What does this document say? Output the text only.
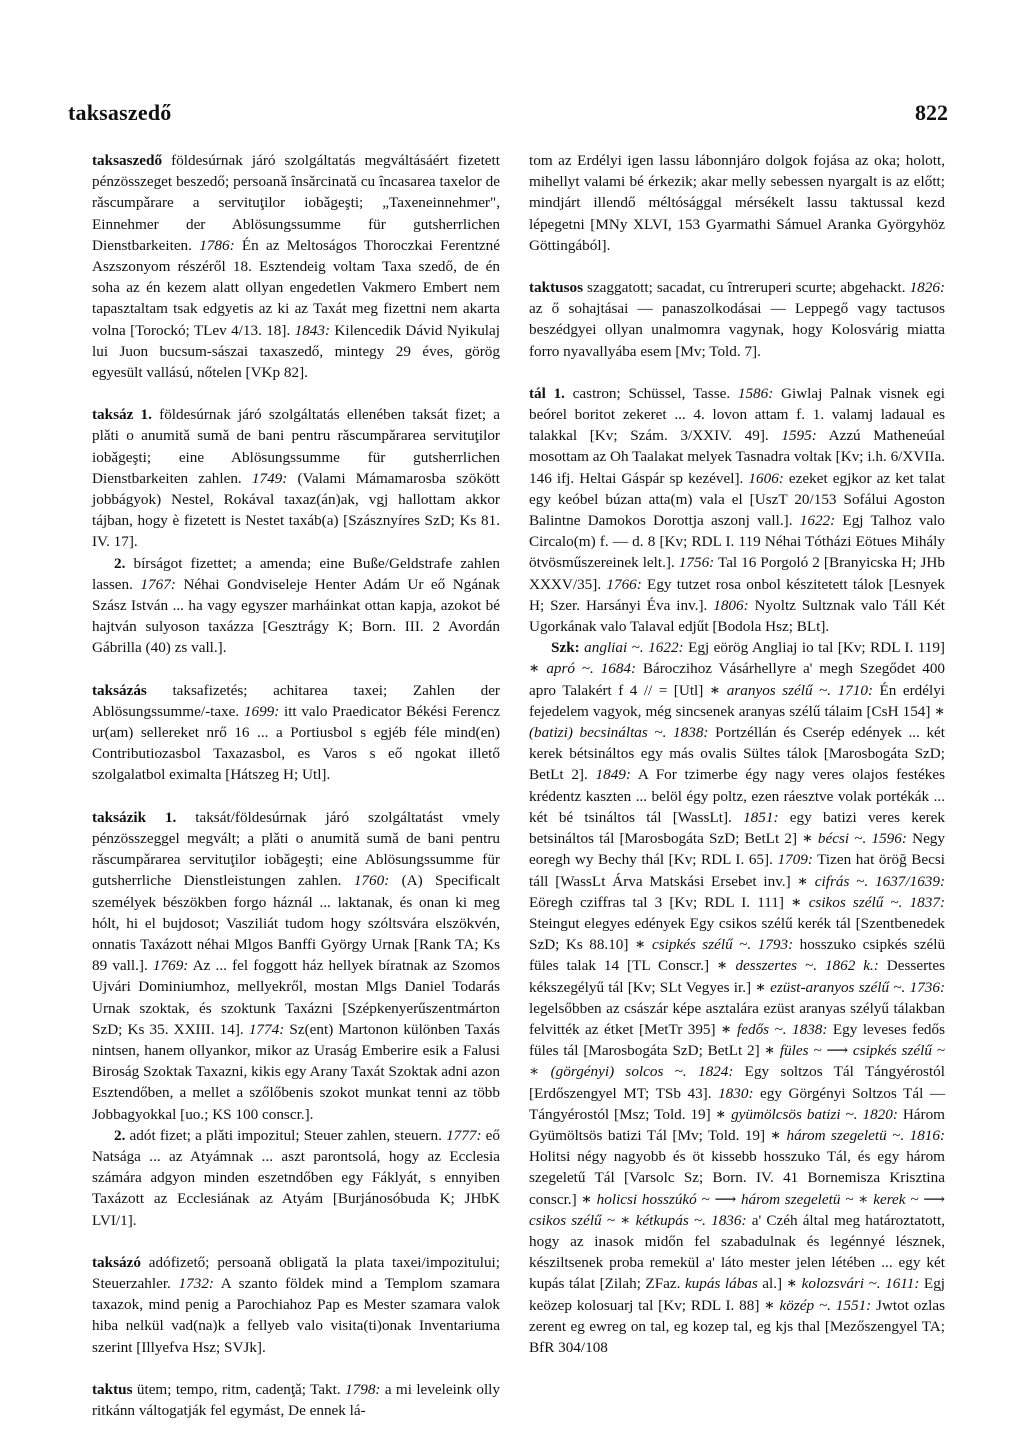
taksaszedő	822

taksaszedő földesúrnak járó szolgáltatás megváltásáért fizetett pénzösszeget beszedő; persoanǎ însǎrcinatǎ cu încasarea taxelor de rǎscumpǎrare a servituţilor iobǎgeşti; „Taxeneinnehmer", Einnehmer der Ablösungssumme für gutsherrlichen Dienstbarkeiten. 1786: Én az Meltoságos Thoroczkai Ferentzné Aszszonyom részéről 18. Esztendeig voltam Taxa szedő, de én soha az én kezem alatt ollyan engedetlen Vakmero Embert nem tapasztaltam tsak edgyetis az ki az Taxát meg fizettni nem akarta volna [Torockó; TLev 4/13. 18]. 1843: Kilencedik Dávid Nyikulaj lui Juon bucsum-sászai taxaszedő, mintegy 29 éves, görög egyesült vallású, nőtelen [VKp 82].

taksáz 1. földesúrnak járó szolgáltatás ellenében taksát fizet; a plǎti o anumitǎ sumǎ de bani pentru rǎscumpǎrarea servituţilor iobǎgeşti; eine Ablösungssumme für gutsherrlichen Dienstbarkeiten zahlen. 1749: (Valami Mámamarosba szökött jobbágyok) Nestel, Rokával taxaz(án)ak, vgj hallottam akkor tájban, hogy è fizetett is Nestet taxáb(a) [Szásznyíres SzD; Ks 81. IV. 17].
2. bírságot fizettet; a amenda; eine Buße/Geldstrafe zahlen lassen. 1767: Néhai Gondviseleje Henter Adám Ur eő Ngának Szász István ... ha vagy egyszer marháinkat ottan kapja, azokot bé hajtván sulyoson taxázza [Gesztrágy K; Born. III. 2 Avordán Gábrilla (40) zs vall.].

taksázás taksafizetés; achitarea taxei; Zahlen der Ablösungssumme/-taxe. 1699: itt valo Praedicator Békési Ferencz ur(am) sellereket nrő 16 ... a Portiusbol s egjéb féle mind(en) Contributiozasbol Taxazasbol, es Varos s eő ngokat illető szolgalatbol eximalta [Hátszeg H; Utl].

taksázik 1. taksát/földesúrnak járó szolgáltatást vmely pénzösszeggel megvált; a plǎti o anumitǎ sumǎ de bani pentru rǎscumpǎrarea servituţilor iobǎgeşti; eine Ablösungssumme für gutsherrliche Dienstleistungen zahlen. 1760: (A) Specificalt személyek bészökben forgo háznál ... laktanak, és onan ki meg hólt, hi el bujdosot; Vasziliát tudom hogy szóltsvára elszökvén, onnatis Taxázott néhai Mlgos Banffi György Urnak [Rank TA; Ks 89 vall.]. 1769: Az ... fel foggott ház hellyek bíratnak az Szomos Ujvári Dominiumhoz, mellyekről, mostan Mlgs Daniel Todarás Urnak szoktak, és szoktunk Taxázni [Szépkenyerűszentmárton SzD; Ks 35. XXIII. 14]. 1774: Sz(ent) Martonon különben Taxás nintsen, hanem ollyankor, mikor az Uraság Emberire esik a Falusi Biroság Szoktak Taxazni, kikis egy Arany Taxát Szoktak adni azon Esztendőben, a mellet a szőlőbenis szokot munkat tenni az több Jobbagyokkal [uo.; KS 100 conscr.].
2. adót fizet; a plǎti impozitul; Steuer zahlen, steuern. 1777: eő Natsága ... az Atyámnak ... aszt parontsolá, hogy az Ecclesia számára adgyon minden eszetndőben egy Fáklyát, s ennyiben Taxázott az Ecclesiának az Atyám [Burjánosóbuda K; JHbK LVI/1].

taksázó adófizető; persoanǎ obligatǎ la plata taxei/impozitului; Steuerzahler. 1732: A szanto földek mind a Templom szamara taxazok, mind penig a Parochiahoz Pap es Mester szamara valok hiba nelkül vad(na)k a fellyeb valo visita(ti)onak Inventariuma szerint [Illyefva Hsz; SVJk].

taktus ütem; tempo, ritm, cadenţǎ; Takt. 1798: a mi leveleink olly ritkánn váltogatják fel egymást, De ennek lá-

tom az Erdélyi igen lassu lábonnjáro dolgok fojása az oka; holott, mihellyt valami bé érkezik; akar melly sebessen nyargalt is az előtt; mindjárt illendő méltósággal mérsékelt lassu taktussal kezd lépegetni [MNy XLVI, 153 Gyarmathi Sámuel Aranka Györgyhöz Göttingából].

taktusos szaggatott; sacadat, cu întreruperi scurte; abgehackt. 1826: az ő sohajtásai — panaszolkodásai — Leppegő vagy tactusos beszédgyei ollyan unalmomra vagynak, hogy Kolosvárig miatta forro nyavallyába esem [Mv; Told. 7].

tál 1. castron; Schüssel, Tasse. 1586: Giwlaj Palnak visnek egi beórel boritot zekeret ... 4. lovon attam f. 1. valamj ladaual es talakkal [Kv; Szám. 3/XXIV. 49]. 1595: Azzú Matheneúal mosottam az Oh Taalakat melyek Tasnadra voltak [Kv; i.h. 6/XVIIa. 146 ifj. Heltai Gáspár sp kezével]. 1606: ezeket egjkor az ket talat egy keóbel búzan atta(m) vala el [UszT 20/153 Sofálui Agoston Balintne Damokos Dorottja aszonj vall.]. 1622: Egj Talhoz valo Circalo(m) f. — d. 8 [Kv; RDL I. 119 Néhai Tótházi Eötues Mihály ötvösműszereinek lelt.]. 1756: Tal 16 Porgoló 2 [Branyicska H; JHb XXXV/35]. 1766: Egy tutzet rosa onbol készitetett tálok [Lesnyek H; Szer. Harsányi Éva inv.]. 1806: Nyoltz Sultznak valo Táll Két Ugorkának valo Talaval edjűt [Bodola Hsz; BLt].

Szk: angliai ~. 1622: Egj eörög Angliaj io tal [Kv; RDL I. 119] ∗ apró ~. 1684: Bároczihoz Vásárhellyre a' megh Szegődet 400 apro Talakért f 4 // = [Utl] ∗ aranyos szélű ~. 1710: Én erdélyi fejedelem vagyok, még sincsenek aranyas szélű tálaim [CsH 154] ∗ (batizi) becsináltas ~. 1838: Portzéllán és Cserép edények ... két kerek bétsináltos egy más ovalis Sültes tálok [Marosbogáta SzD; BetLt 2]. 1849: A For tzimerbe égy nagy veres olajos festékes krédentz kaszten ... belöl égy poltz, ezen ráesztve volak portékák ... két bé tsináltos tál [WassLt]. 1851: egy batizi veres kerek betsináltos tál [Marosbogáta SzD; BetLt 2] ∗ bécsi ~. 1596: Negy eoregh wy Bechy thál [Kv; RDL I. 65]. 1709: Tizen hat öröğ Becsi táll [WassLt Árva Matskási Ersebet inv.] ∗ cifrás ~. 1637/1639: Eöregh cziffras tal 3 [Kv; RDL I. 111] ∗ csikos szélű ~. 1837: Steingut elegyes edények Egy csikos szélű kerék tál [Szentbenedek SzD; Ks 88.10] ∗ csipkés szélű ~. 1793: hosszuko csipkés szélü füles talak 14 [TL Conscr.] ∗ desszertes ~. 1862 k.: Dessertes kékszegélyű tál [Kv; SLt Vegyes ir.] ∗ ezüst-aranyos szélű ~. 1736: legelsőbben az császár képe asztalára ezüst aranyas szélyű tálakban felvitték az étket [MetTr 395] ∗ fedős ~. 1838: Egy leveses fedős füles tál [Marosbogáta SzD; BetLt 2] ∗ füles ~ ⟶ csipkés szélű ~ ∗ (görgényi) solcos ~. 1824: Egy soltzos Tál Tángyérostól [Erdőszengyel MT; TSb 43]. 1830: egy Görgényi Soltzos Tál — Tángyérostól [Msz; Told. 19] ∗ gyümölcsös batizi ~. 1820: Három Gyümöltsös batizi Tál [Mv; Told. 19] ∗ három szegeletü ~. 1816: Holitsi négy nagyobb és öt kissebb hosszuko Tál, és egy három szegeletű Tál [Varsolc Sz; Born. IV. 41 Bornemisza Krisztina conscr.] ∗ holicsi hosszúkó ~ ⟶ három szegeletü ~ ∗ kerek ~ ⟶ csikos szélű ~ ∗ kétkupás ~. 1836: a' Czéh által meg határoztatott, hogy az inasok midőn fel szabadulnak és legénnyé lésznek, késziltsenek proba remekül a' láto mester jelen létében ... egy két kupás tálat [Zilah; ZFaz. kupás lábas al.] ∗ kolozsvári ~. 1611: Egj keözep kolosuarj tal [Kv; RDL I. 88] ∗ közép ~. 1551: Jwtot ozlas zerent eg ewreg on tal, eg kozep tal, eg kjs thal [Mezőszengyel TA; BfR 304/108
